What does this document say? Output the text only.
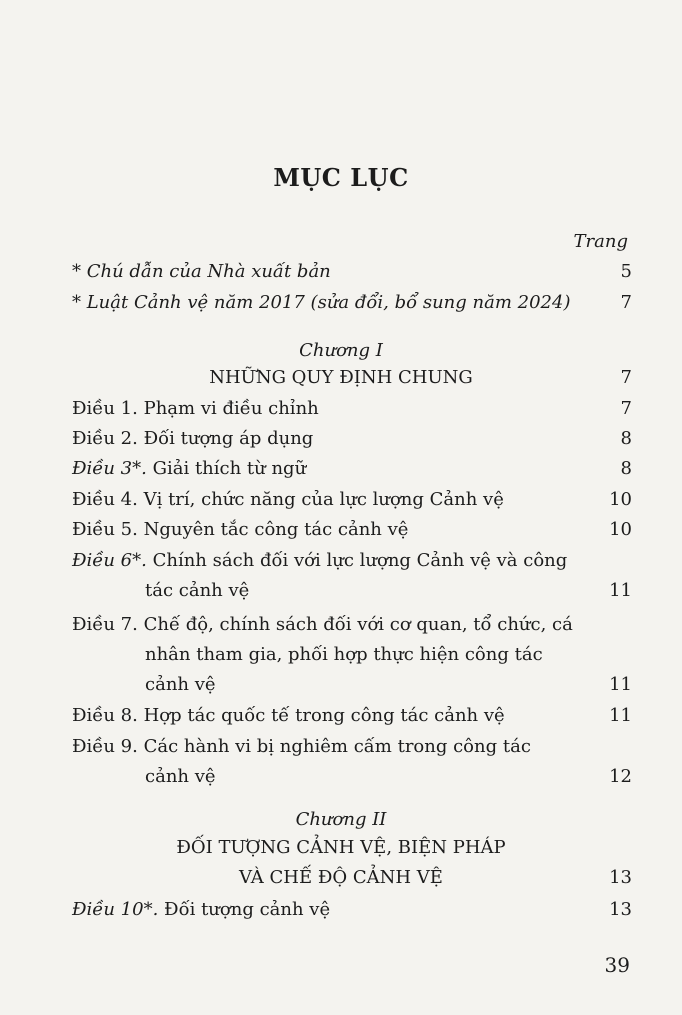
MỤC LỤC
Trang
* Chú dẫn của Nhà xuất bản	5
* Luật Cảnh vệ năm 2017 (sửa đổi, bổ sung năm 2024)	7
Chương I
NHỮNG QUY ĐỊNH CHUNG	7
Điều 1. Phạm vi điều chỉnh	7
Điều 2. Đối tượng áp dụng	8
Điều 3*. Giải thích từ ngữ	8
Điều 4. Vị trí, chức năng của lực lượng Cảnh vệ	10
Điều 5. Nguyên tắc công tác cảnh vệ	10
Điều 6*. Chính sách đối với lực lượng Cảnh vệ và công
tác cảnh vệ	11
Điều 7. Chế độ, chính sách đối với cơ quan, tổ chức, cá
nhân tham gia, phối hợp thực hiện công tác
cảnh vệ	11
Điều 8. Hợp tác quốc tế trong công tác cảnh vệ	11
Điều 9. Các hành vi bị nghiêm cấm trong công tác
cảnh vệ	12
Chương II
ĐỐI TƯỢNG CẢNH VỆ, BIỆN PHÁP
VÀ CHẾ ĐỘ CẢNH VỆ	13
Điều 10*. Đối tượng cảnh vệ	13
39
